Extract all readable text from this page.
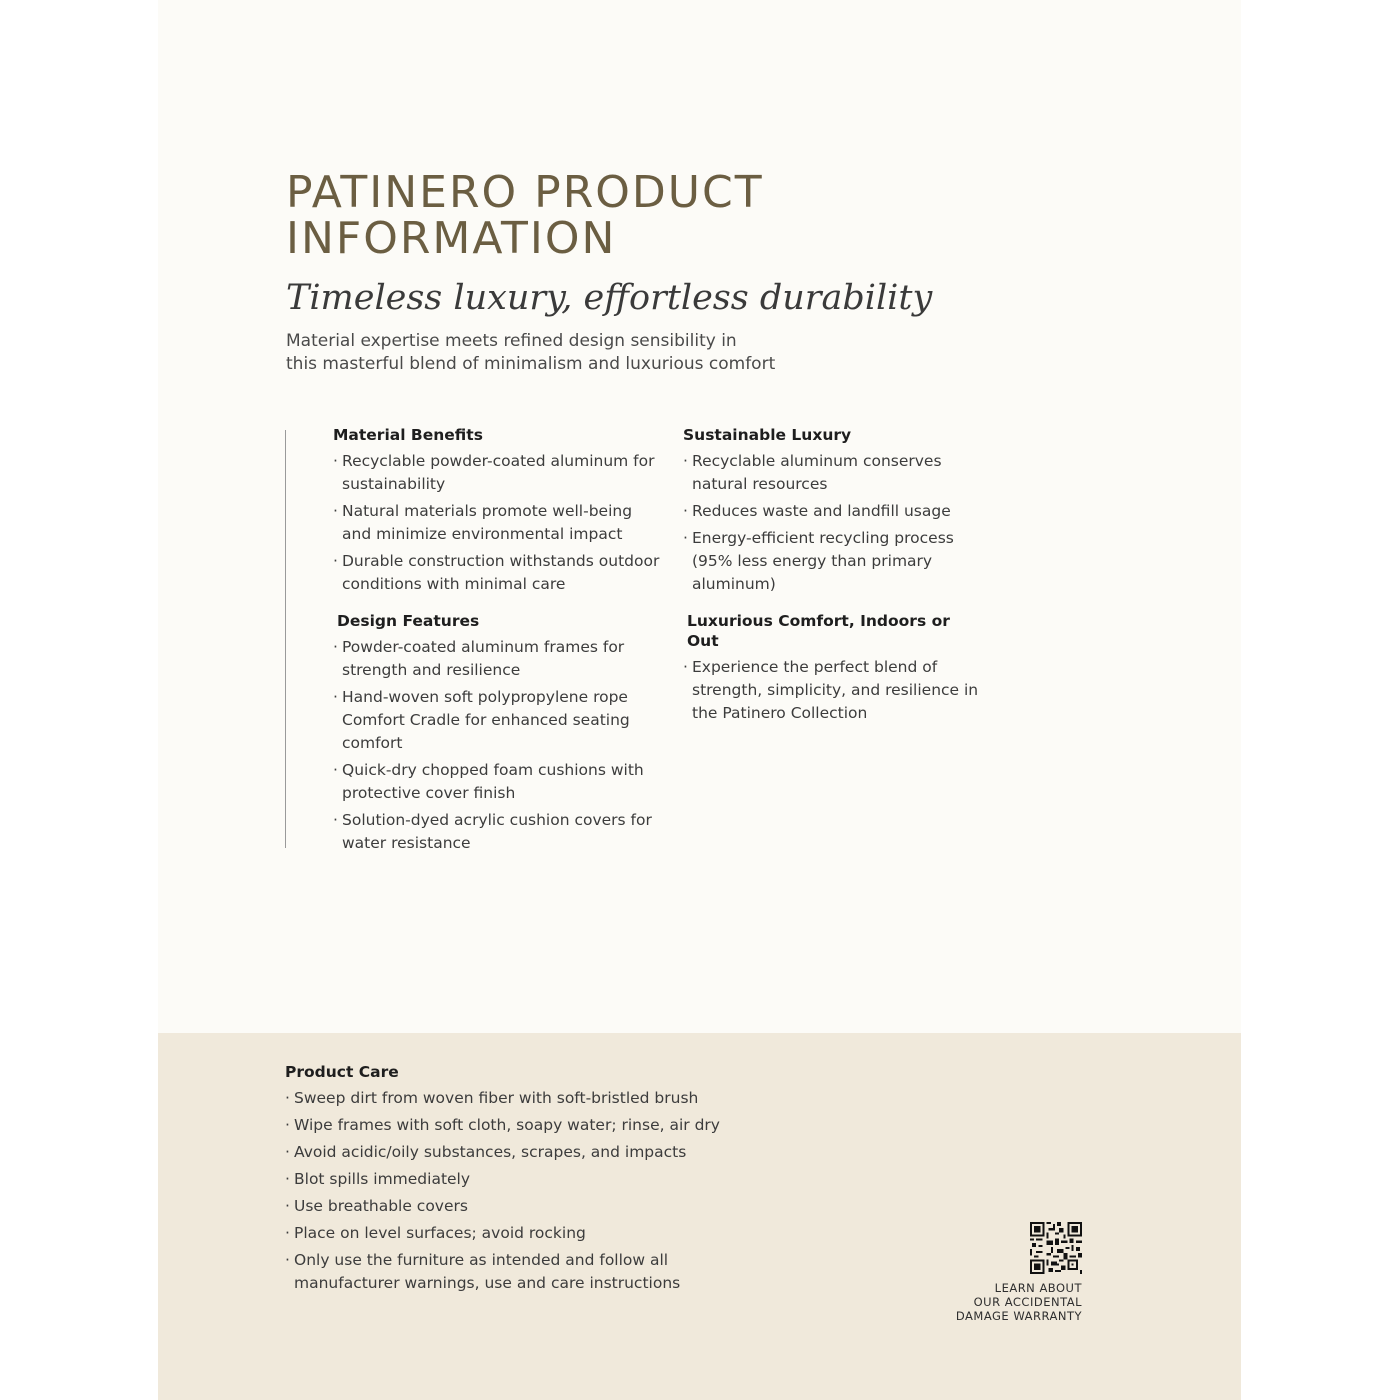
PATINERO PRODUCT
INFORMATION
Timeless luxury, effortless durability

Material expertise meets refined design sensibility in
this masterful blend of minimalism and luxurious comfort

Material Benefits
· Recyclable powder-coated aluminum for sustainability
· Natural materials promote well-being and minimize environmental impact
· Durable construction withstands outdoor conditions with minimal care
Design Features
· Powder-coated aluminum frames for strength and resilience
· Hand-woven soft polypropylene rope Comfort Cradle for enhanced seating comfort
· Quick-dry chopped foam cushions with protective cover finish
· Solution-dyed acrylic cushion covers for water resistance
Sustainable Luxury
· Recyclable aluminum conserves natural resources
· Reduces waste and landfill usage
· Energy-efficient recycling process (95% less energy than primary aluminum)
Luxurious Comfort, Indoors or Out
· Experience the perfect blend of strength, simplicity, and resilience in the Patinero Collection
Product Care
· Sweep dirt from woven fiber with soft-bristled brush
· Wipe frames with soft cloth, soapy water; rinse, air dry
· Avoid acidic/oily substances, scrapes, and impacts
· Blot spills immediately
· Use breathable covers
· Place on level surfaces; avoid rocking
· Only use the furniture as intended and follow all manufacturer warnings, use and care instructions	LEARN ABOUT
OUR ACCIDENTAL
DAMAGE WARRANTY
